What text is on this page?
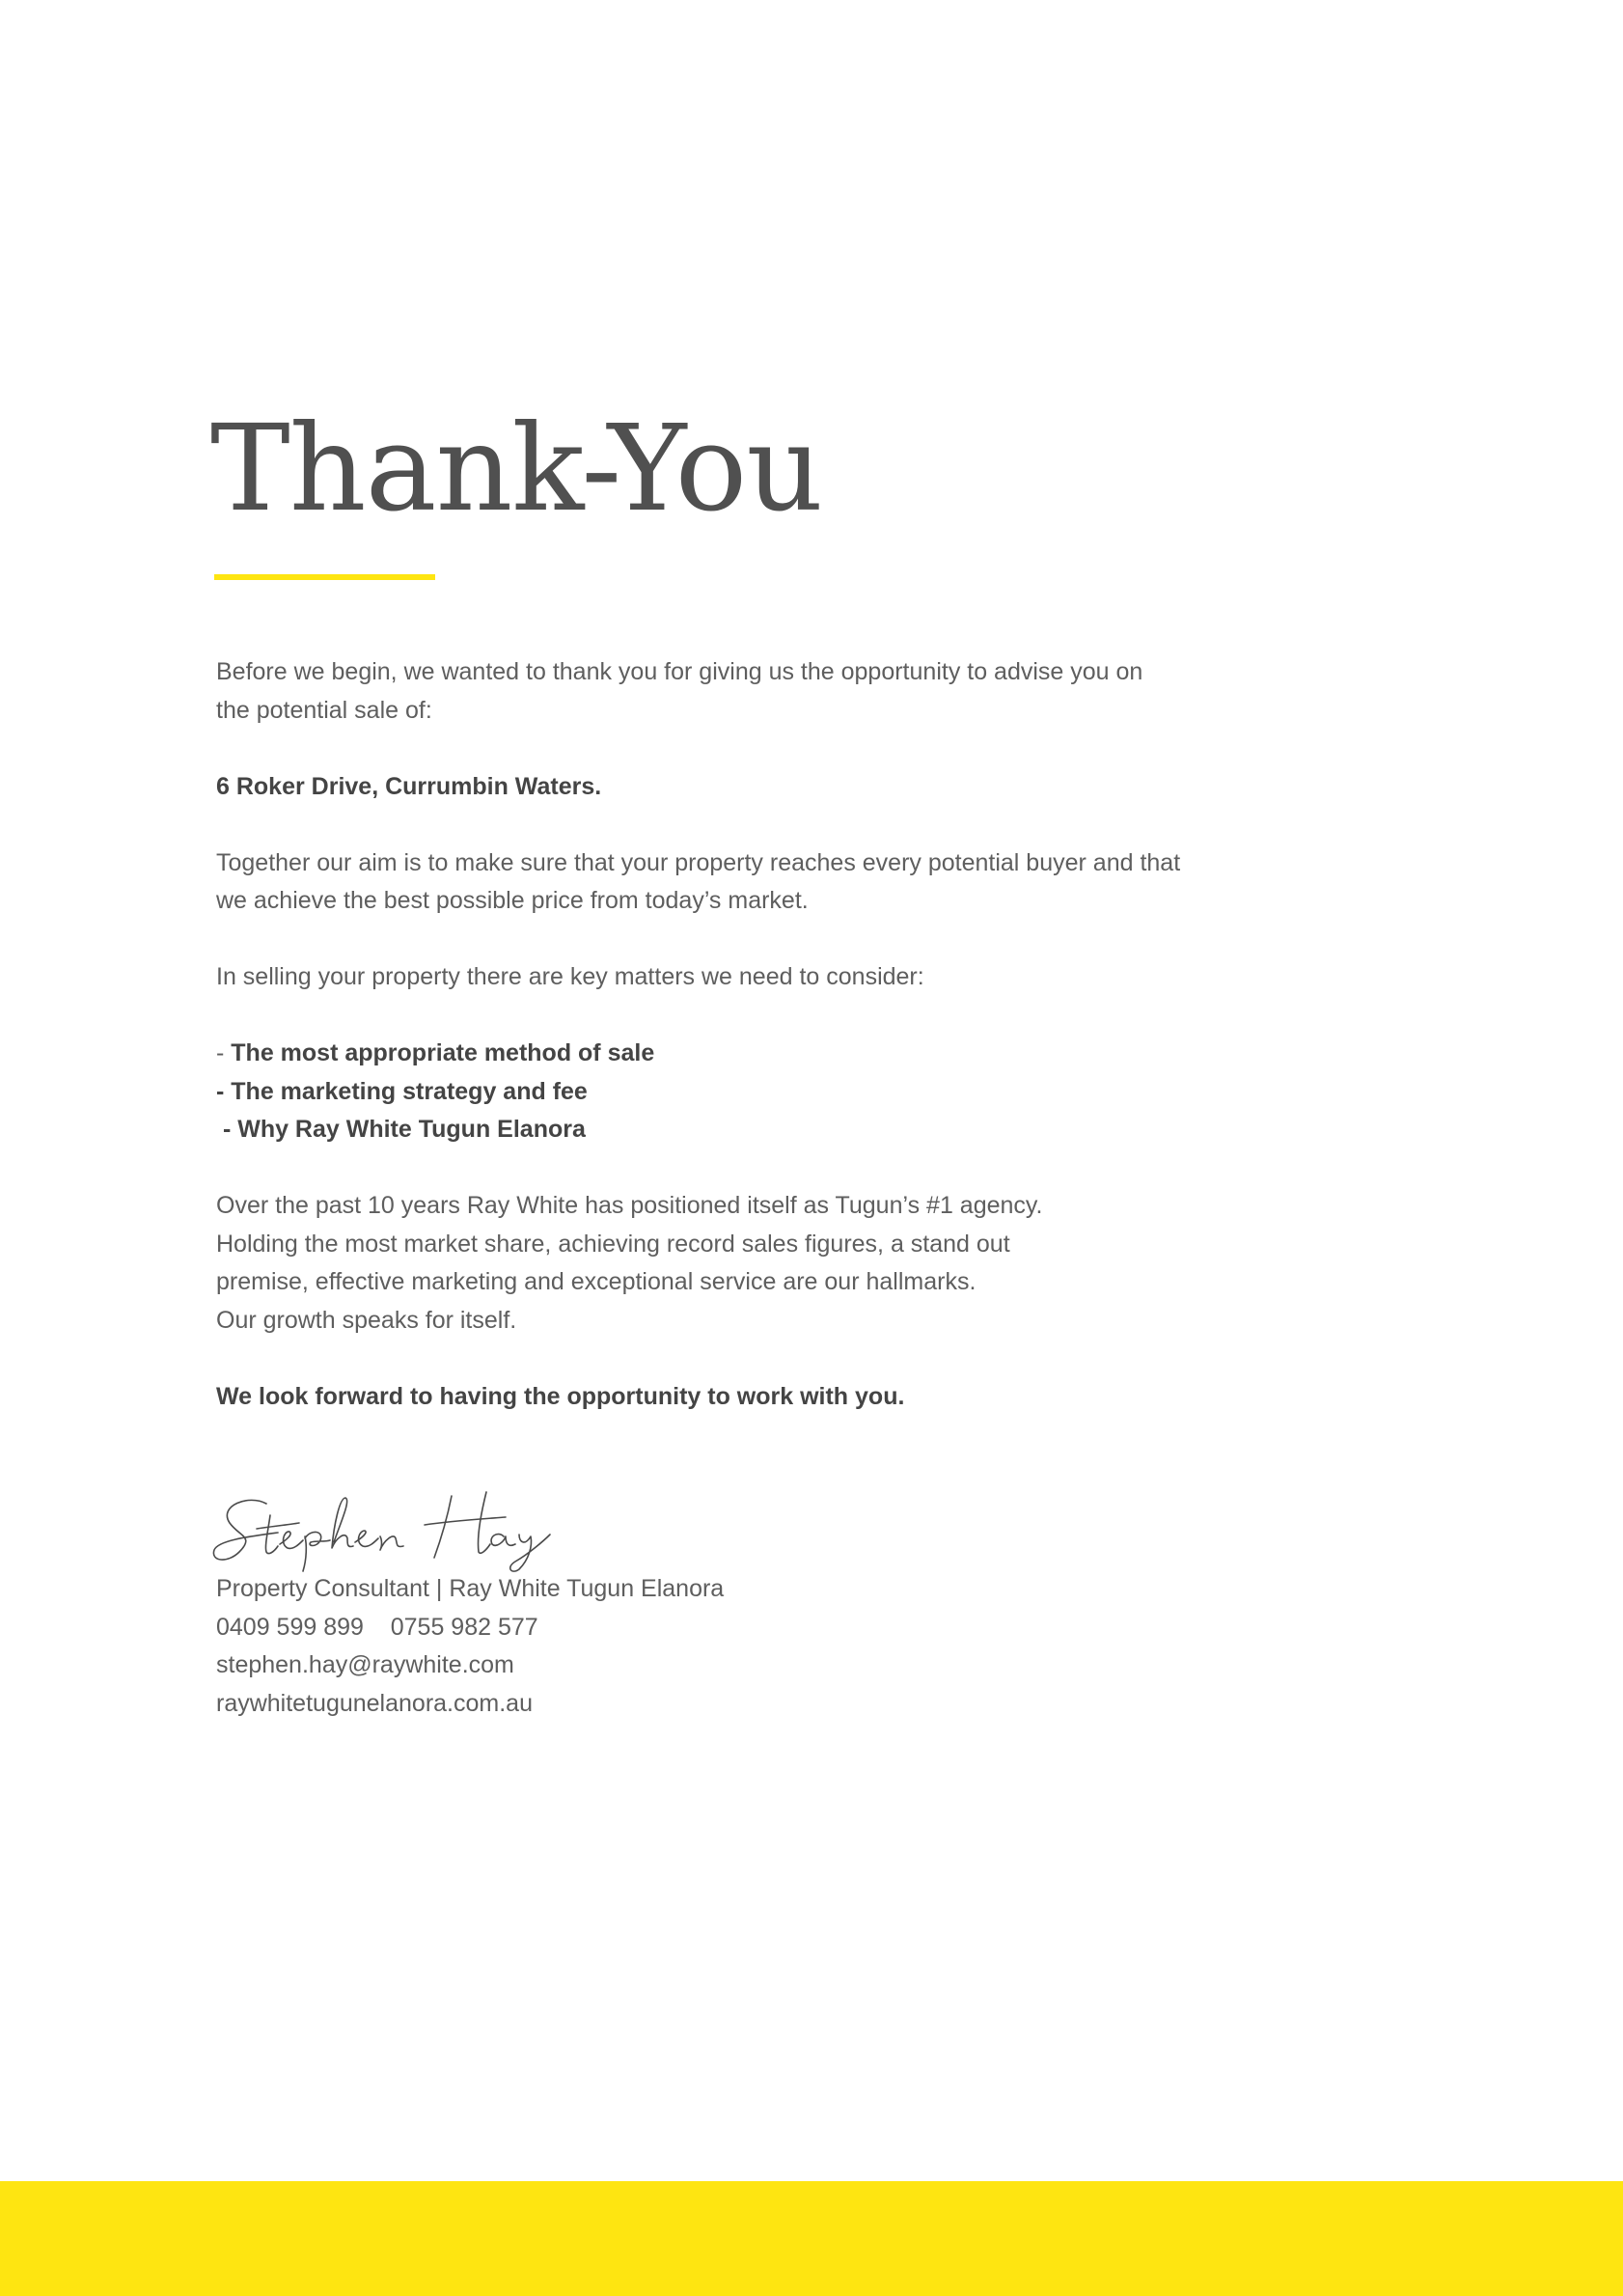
Thank-You

Before we begin, we wanted to thank you for giving us the opportunity to advise you on the potential sale of:

6 Roker Drive, Currumbin Waters.

Together our aim is to make sure that your property reaches every potential buyer and that we achieve the best possible price from today’s market.

In selling your property there are key matters we need to consider:

- The most appropriate method of sale
- The marketing strategy and fee
- Why Ray White Tugun Elanora

Over the past 10 years Ray White has positioned itself as Tugun’s #1 agency.
Holding the most market share, achieving record sales figures, a stand out
premise, effective marketing and exceptional service are our hallmarks.
Our growth speaks for itself.

We look forward to having the opportunity to work with you.

Property Consultant | Ray White Tugun Elanora
0409 599 899 0755 982 577
stephen.hay@raywhite.com
raywhitetugunelanora.com.au
